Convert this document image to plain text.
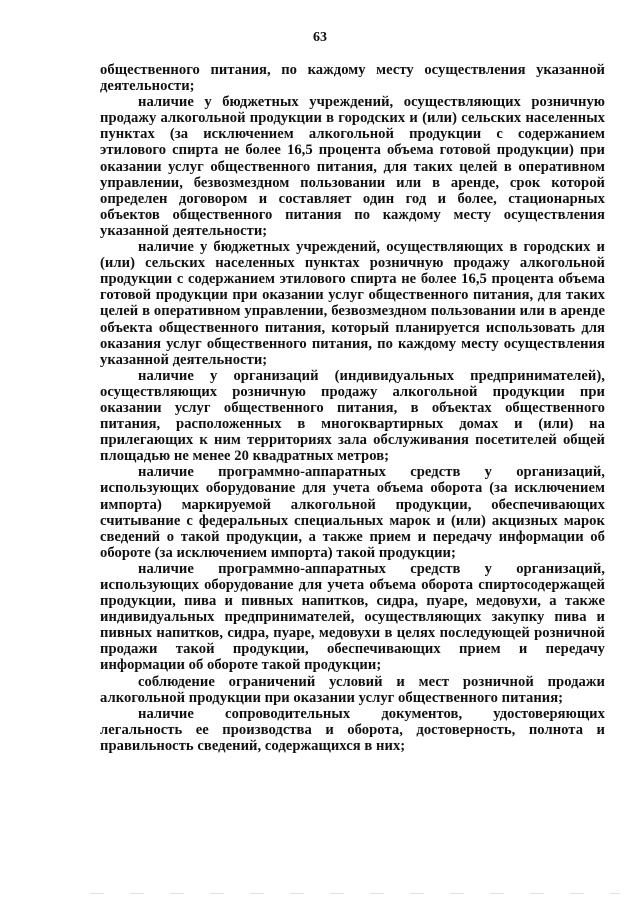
63

общественного питания, по каждому месту осуществления указанной деятельности;

наличие у бюджетных учреждений, осуществляющих розничную продажу алкогольной продукции в городских и (или) сельских населенных пунктах (за исключением алкогольной продукции с содержанием этилового спирта не более 16,5 процента объема готовой продукции) при оказании услуг общественного питания, для таких целей в оперативном управлении, безвозмездном пользовании или в аренде, срок которой определен договором и составляет один год и более, стационарных объектов общественного питания по каждому месту осуществления указанной деятельности;

наличие у бюджетных учреждений, осуществляющих в городских и (или) сельских населенных пунктах розничную продажу алкогольной продукции с содержанием этилового спирта не более 16,5 процента объема готовой продукции при оказании услуг общественного питания, для таких целей в оперативном управлении, безвозмездном пользовании или в аренде объекта общественного питания, который планируется использовать для оказания услуг общественного питания, по каждому месту осуществления указанной деятельности;

наличие у организаций (индивидуальных предпринимателей), осуществляющих розничную продажу алкогольной продукции при оказании услуг общественного питания, в объектах общественного питания, расположенных в многоквартирных домах и (или) на прилегающих к ним территориях зала обслуживания посетителей общей площадью не менее 20 квадратных метров;

наличие программно-аппаратных средств у организаций, использующих оборудование для учета объема оборота (за исключением импорта) маркируемой алкогольной продукции, обеспечивающих считывание с федеральных специальных марок и (или) акцизных марок сведений о такой продукции, а также прием и передачу информации об обороте (за исключением импорта) такой продукции;

наличие программно-аппаратных средств у организаций, использующих оборудование для учета объема оборота спиртосодержащей продукции, пива и пивных напитков, сидра, пуаре, медовухи, а также индивидуальных предпринимателей, осуществляющих закупку пива и пивных напитков, сидра, пуаре, медовухи в целях последующей розничной продажи такой продукции, обеспечивающих прием и передачу информации об обороте такой продукции;

соблюдение ограничений условий и мест розничной продажи алкогольной продукции при оказании услуг общественного питания;

наличие сопроводительных документов, удостоверяющих легальность ее производства и оборота, достоверность, полнота и правильность сведений, содержащихся в них;
